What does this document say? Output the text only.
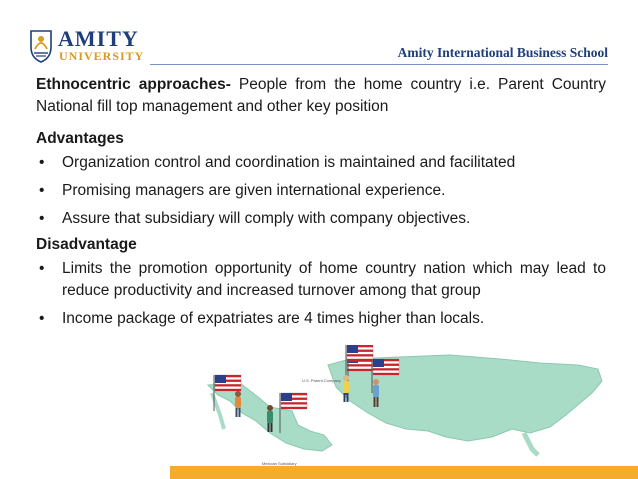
AMITY
UNIVERSITY	Amity International Business School

Ethnocentric approaches- People from the home country i.e. Parent Country National fill top management and other key position

Advantages
• Organization control and coordination is maintained and facilitated
• Promising managers are given international experience.
• Assure that subsidiary will comply with company objectives.
Disadvantage
• Limits the promotion opportunity of home country nation which may lead to reduce productivity and increased turnover among that group
• Income package of expatriates are 4 times higher than locals.
U.S. Parent Company
Mexican Subsidiary
